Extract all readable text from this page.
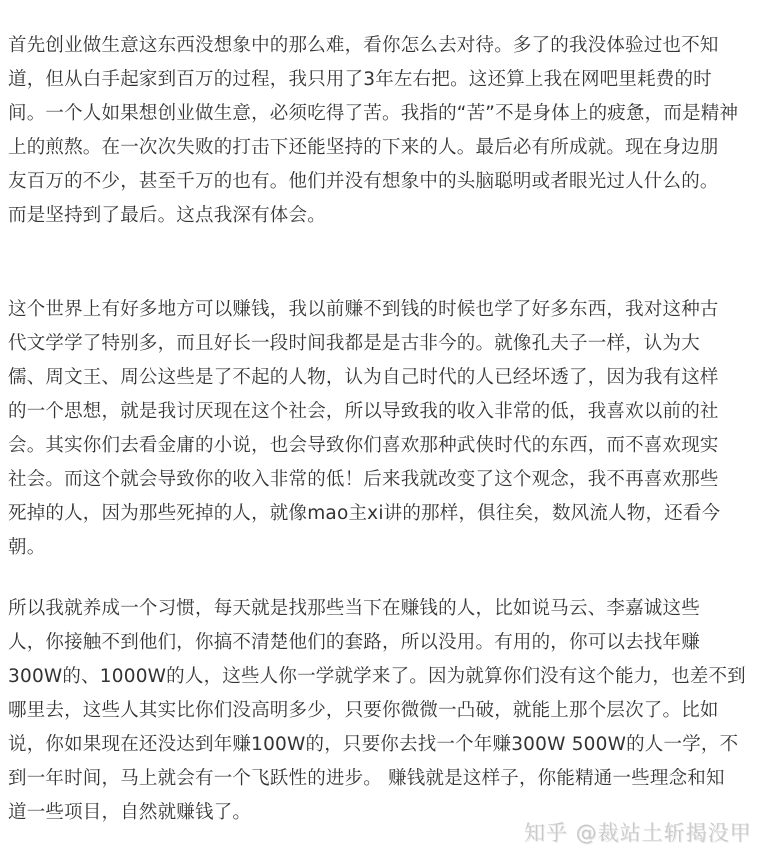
首先创业做生意这东西没想象中的那么难，看你怎么去对待。多了的我没体验过也不知
道，但从白手起家到百万的过程，我只用了3年左右把。这还算上我在网吧里耗费的时
间。一个人如果想创业做生意，必须吃得了苦。我指的“苦”不是身体上的疲惫，而是精神
上的煎熬。在一次次失败的打击下还能坚持的下来的人。最后必有所成就。现在身边朋
友百万的不少，甚至千万的也有。他们并没有想象中的头脑聪明或者眼光过人什么的。
而是坚持到了最后。这点我深有体会。

这个世界上有好多地方可以赚钱，我以前赚不到钱的时候也学了好多东西，我对这种古
代文学学了特别多，而且好长一段时间我都是是古非今的。就像孔夫子一样，认为大
儒、周文王、周公这些是了不起的人物，认为自己时代的人已经坏透了，因为我有这样
的一个思想，就是我讨厌现在这个社会，所以导致我的收入非常的低，我喜欢以前的社
会。其实你们去看金庸的小说，也会导致你们喜欢那种武侠时代的东西，而不喜欢现实
社会。而这个就会导致你的收入非常的低！后来我就改变了这个观念，我不再喜欢那些
死掉的人，因为那些死掉的人，就像mao主xi讲的那样，俱往矣，数风流人物，还看今
朝。

所以我就养成一个习惯，每天就是找那些当下在赚钱的人，比如说马云、李嘉诚这些
人，你接触不到他们，你搞不清楚他们的套路，所以没用。有用的，你可以去找年赚
300W的、1000W的人，这些人你一学就学来了。因为就算你们没有这个能力，也差不到
哪里去，这些人其实比你们没高明多少，只要你微微一凸破，就能上那个层次了。比如
说，你如果现在还没达到年赚100W的，只要你去找一个年赚300W 500W的人一学，不
到一年时间，马上就会有一个飞跃性的进步。 赚钱就是这样子，你能精通一些理念和知
道一些项目，自然就赚钱了。

知乎 @裁站土斩揭没甲
